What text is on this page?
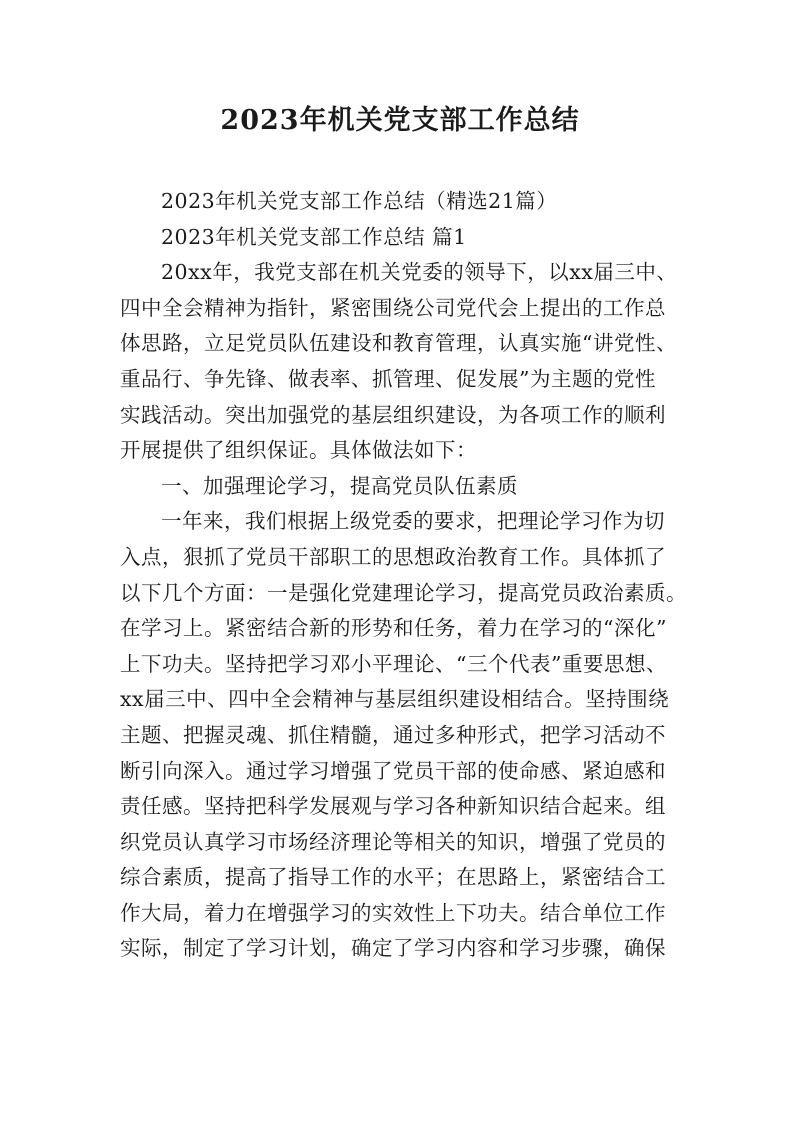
2023年机关党支部工作总结
2023年机关党支部工作总结（精选21篇）
2023年机关党支部工作总结 篇1
20xx年，我党支部在机关党委的领导下，以xx届三中、
四中全会精神为指针，紧密围绕公司党代会上提出的工作总
体思路，立足党员队伍建设和教育管理，认真实施“讲党性、
重品行、争先锋、做表率、抓管理、促发展”为主题的党性
实践活动。突出加强党的基层组织建设，为各项工作的顺利
开展提供了组织保证。具体做法如下：
一、加强理论学习，提高党员队伍素质
一年来，我们根据上级党委的要求，把理论学习作为切
入点，狠抓了党员干部职工的思想政治教育工作。具体抓了
以下几个方面：一是强化党建理论学习，提高党员政治素质。
在学习上。紧密结合新的形势和任务，着力在学习的“深化”
上下功夫。坚持把学习邓小平理论、“三个代表”重要思想、
xx届三中、四中全会精神与基层组织建设相结合。坚持围绕
主题、把握灵魂、抓住精髓，通过多种形式，把学习活动不
断引向深入。通过学习增强了党员干部的使命感、紧迫感和
责任感。坚持把科学发展观与学习各种新知识结合起来。组
织党员认真学习市场经济理论等相关的知识，增强了党员的
综合素质，提高了指导工作的水平；在思路上，紧密结合工
作大局，着力在增强学习的实效性上下功夫。结合单位工作
实际，制定了学习计划，确定了学习内容和学习步骤，确保
